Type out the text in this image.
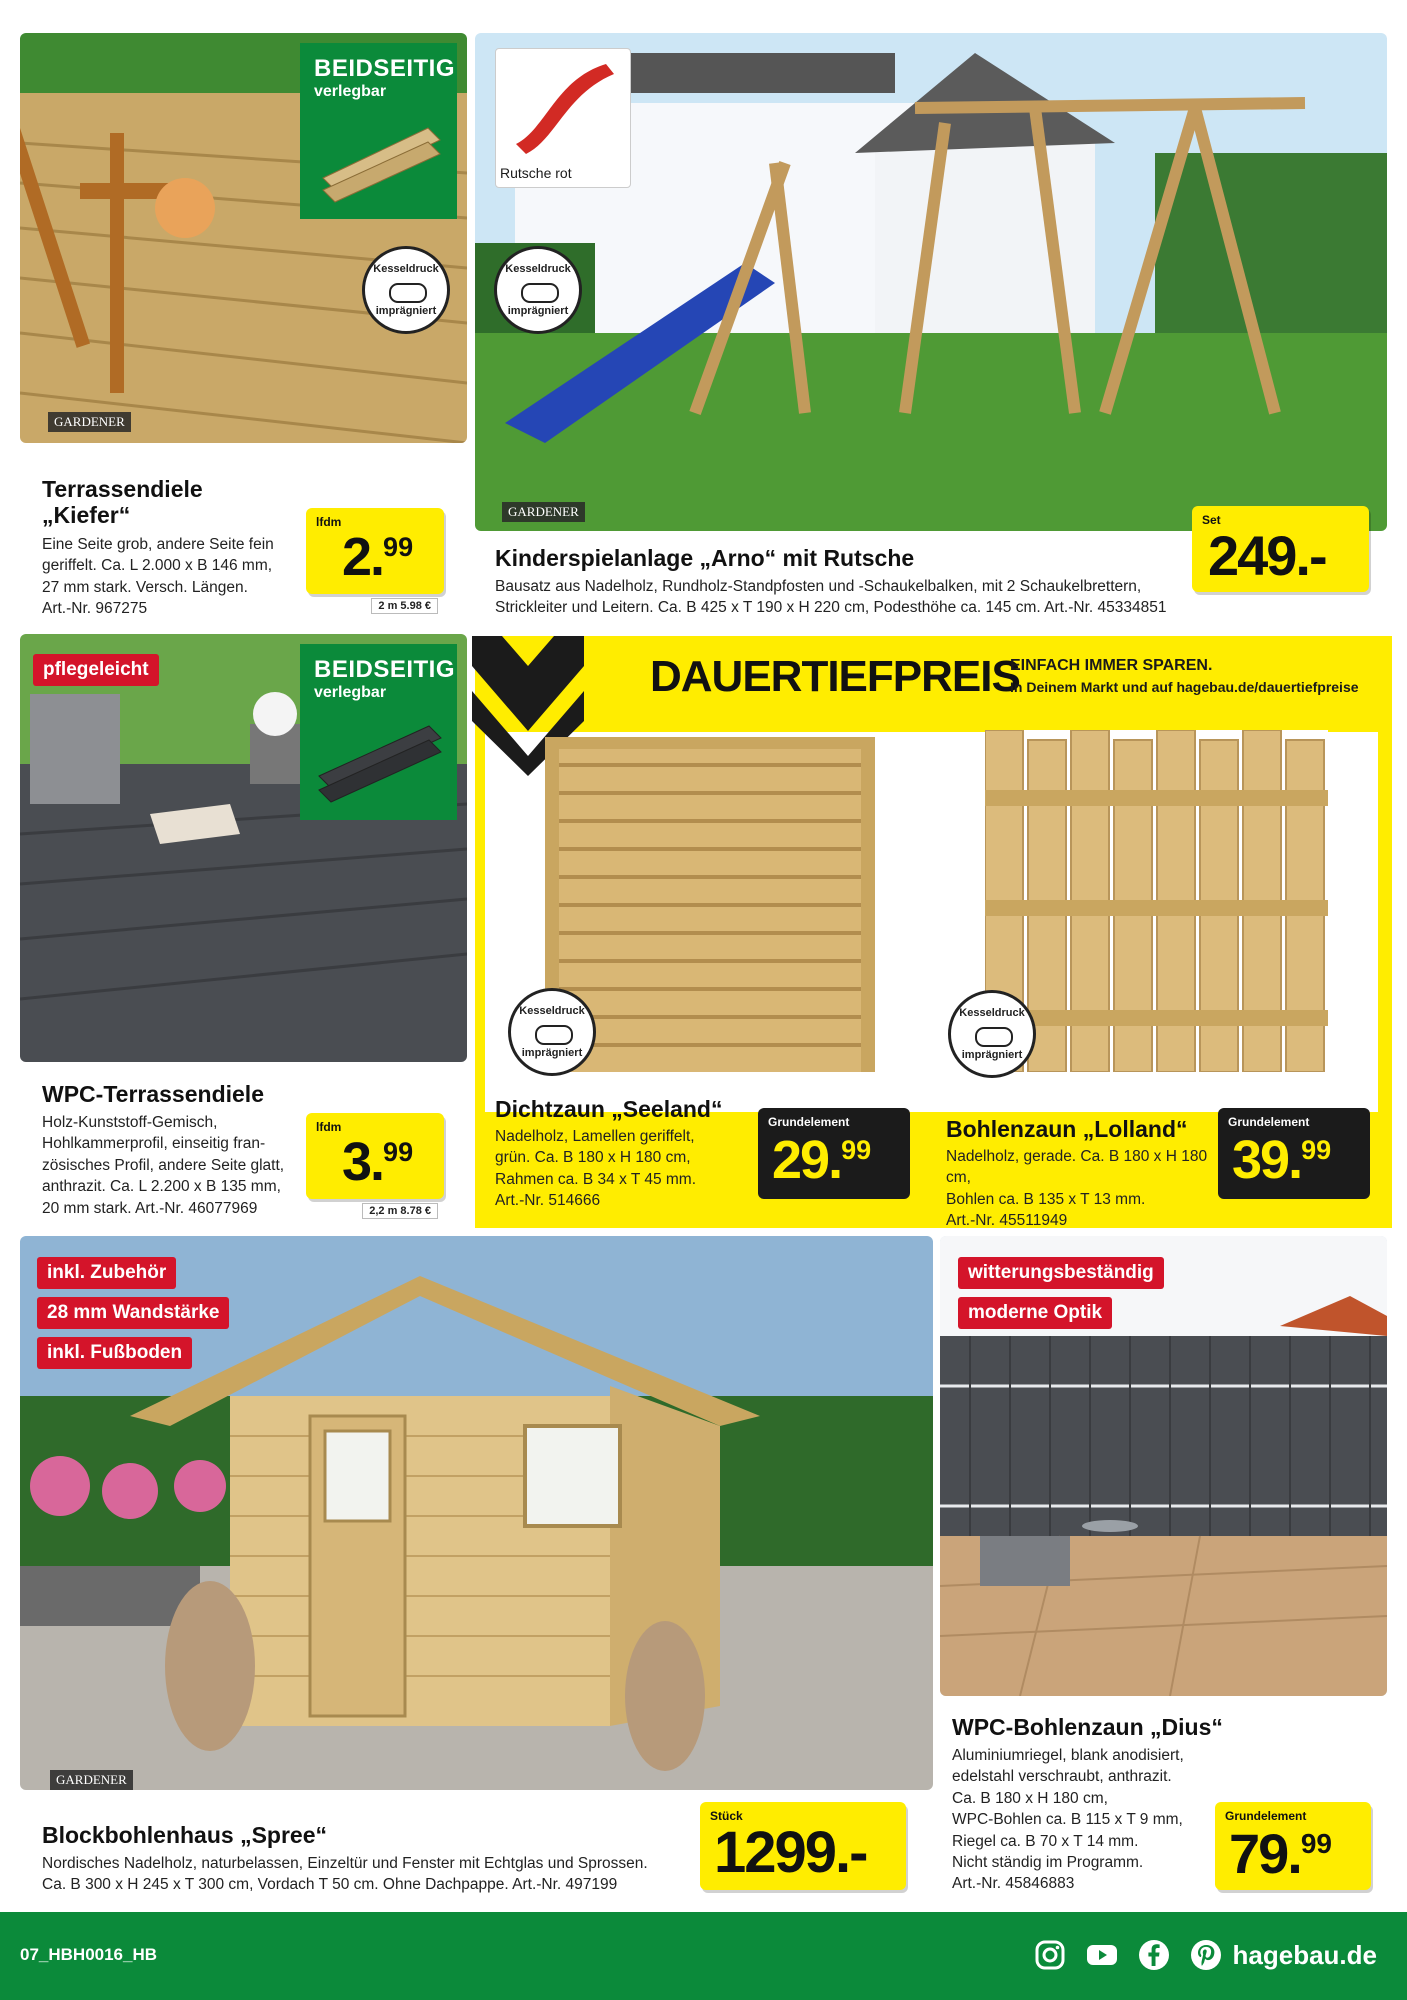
BEIDSEITIG
verlegbar
Kesseldruck
imprägniert
GARDENER
Terrassendiele
„Kiefer“
Eine Seite grob, andere Seite fein
geriffelt. Ca. L 2.000 x B 146 mm,
27 mm stark. Versch. Längen.
Art.-Nr. 967275
lfdm
2.99
2 m 5.98 €
Rutsche rot
Kesseldruck
imprägniert
GARDENER
Kinderspielanlage „Arno“ mit Rutsche
Bausatz aus Nadelholz, Rundholz-Standpfosten und -Schaukelbalken, mit 2 Schaukelbrettern,
Strickleiter und Leitern. Ca. B 425 x T 190 x H 220 cm, Podesthöhe ca. 145 cm. Art.-Nr. 45334851
Set
249.-
pflegeleicht	BEIDSEITIG
verlegbar
WPC-Terrassendiele
Holz-Kunststoff-Gemisch,
Hohlkammerprofil, einseitig fran-
zösisches Profil, andere Seite glatt,
anthrazit. Ca. L 2.200 x B 135 mm,
20 mm stark. Art.-Nr. 46077969
lfdm
3.99
2,2 m 8.78 €
DAUERTIEFPREIS
EINFACH IMMER SPAREN.
In Deinem Markt und auf hagebau.de/dauertiefpreise
Kesseldruck
imprägniert
Kesseldruck
imprägniert
Dichtzaun „Seeland“
Nadelholz, Lamellen geriffelt,
grün. Ca. B 180 x H 180 cm,
Rahmen ca. B 34 x T 45 mm.
Art.-Nr. 514666
Grundelement
29.99
Bohlenzaun „Lolland“
Nadelholz, gerade. Ca. B 180 x H 180 cm,
Bohlen ca. B 135 x T 13 mm.
Art.-Nr. 45511949
Grundelement
39.99
inkl. Zubehör
28 mm Wandstärke
inkl. Fußboden
GARDENER
Blockbohlenhaus „Spree“
Nordisches Nadelholz, naturbelassen, Einzeltür und Fenster mit Echtglas und Sprossen.
Ca. B 300 x H 245 x T 300 cm, Vordach T 50 cm. Ohne Dachpappe. Art.-Nr. 497199
Stück
1299.-
witterungsbeständig
moderne Optik
WPC-Bohlenzaun „Dius“
Aluminiumriegel, blank anodisiert,
edelstahl verschraubt, anthrazit.
Ca. B 180 x H 180 cm,
WPC-Bohlen ca. B 115 x T 9 mm,
Riegel ca. B 70 x T 14 mm.
Nicht ständig im Programm.
Art.-Nr. 45846883
Grundelement
79.99
07_HBH0016_HB	hagebau.de
